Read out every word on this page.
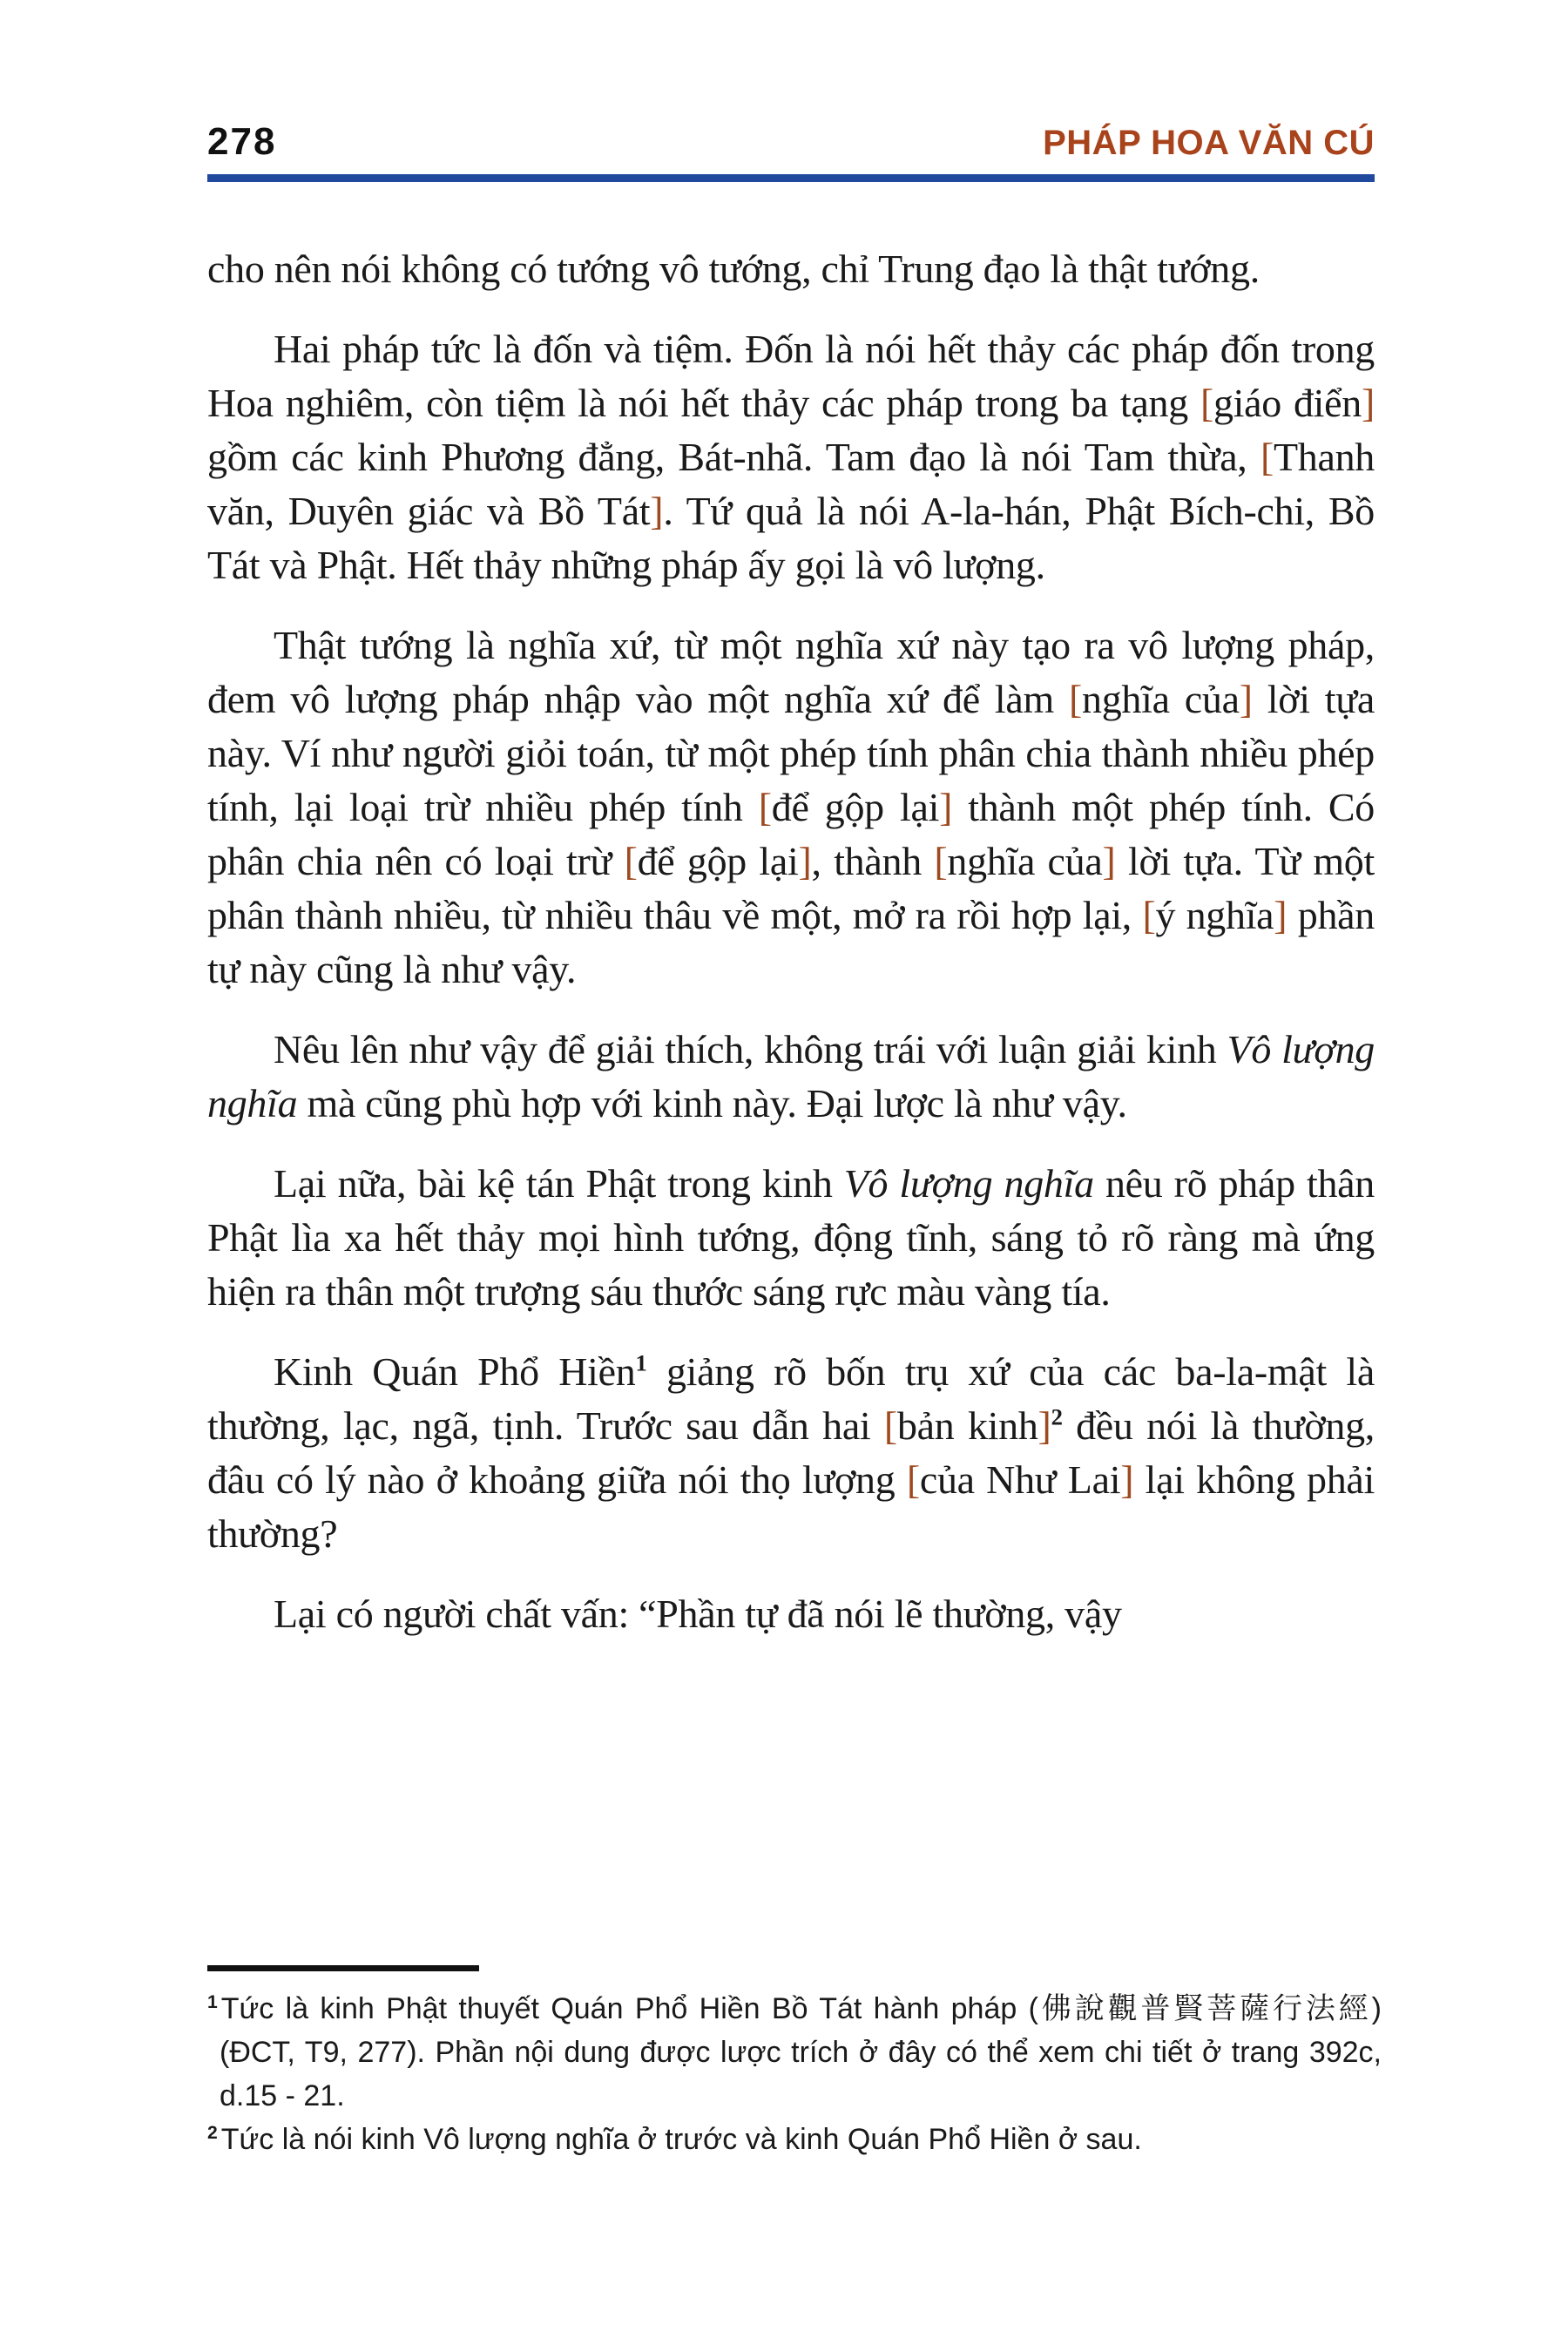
278	PHÁP HOA VĂN CÚ

cho nên nói không có tướng vô tướng, chỉ Trung đạo là thật tướng.

Hai pháp tức là đốn và tiệm. Đốn là nói hết thảy các pháp đốn trong Hoa nghiêm, còn tiệm là nói hết thảy các pháp trong ba tạng [giáo điển] gồm các kinh Phương đẳng, Bát-nhã. Tam đạo là nói Tam thừa, [Thanh văn, Duyên giác và Bồ Tát]. Tứ quả là nói A-la-hán, Phật Bích-chi, Bồ Tát và Phật. Hết thảy những pháp ấy gọi là vô lượng.

Thật tướng là nghĩa xứ, từ một nghĩa xứ này tạo ra vô lượng pháp, đem vô lượng pháp nhập vào một nghĩa xứ để làm [nghĩa của] lời tựa này. Ví như người giỏi toán, từ một phép tính phân chia thành nhiều phép tính, lại loại trừ nhiều phép tính [để gộp lại] thành một phép tính. Có phân chia nên có loại trừ [để gộp lại], thành [nghĩa của] lời tựa. Từ một phân thành nhiều, từ nhiều thâu về một, mở ra rồi hợp lại, [ý nghĩa] phần tự này cũng là như vậy.

Nêu lên như vậy để giải thích, không trái với luận giải kinh Vô lượng nghĩa mà cũng phù hợp với kinh này. Đại lược là như vậy.

Lại nữa, bài kệ tán Phật trong kinh Vô lượng nghĩa nêu rõ pháp thân Phật lìa xa hết thảy mọi hình tướng, động tĩnh, sáng tỏ rõ ràng mà ứng hiện ra thân một trượng sáu thước sáng rực màu vàng tía.

Kinh Quán Phổ Hiền$^1$ giảng rõ bốn trụ xứ của các ba-la-mật là thường, lạc, ngã, tịnh. Trước sau dẫn hai [bản kinh]$^2$ đều nói là thường, đâu có lý nào ở khoảng giữa nói thọ lượng [của Như Lai] lại không phải thường?

Lại có người chất vấn: “Phần tự đã nói lẽ thường, vậy

$^1$ Tức là kinh Phật thuyết Quán Phổ Hiền Bồ Tát hành pháp (佛說觀普賢菩薩行法經) (ĐCT, T9, 277). Phần nội dung được lược trích ở đây có thể xem chi tiết ở trang 392c, d.15 - 21.

$^2$ Tức là nói kinh Vô lượng nghĩa ở trước và kinh Quán Phổ Hiền ở sau.
